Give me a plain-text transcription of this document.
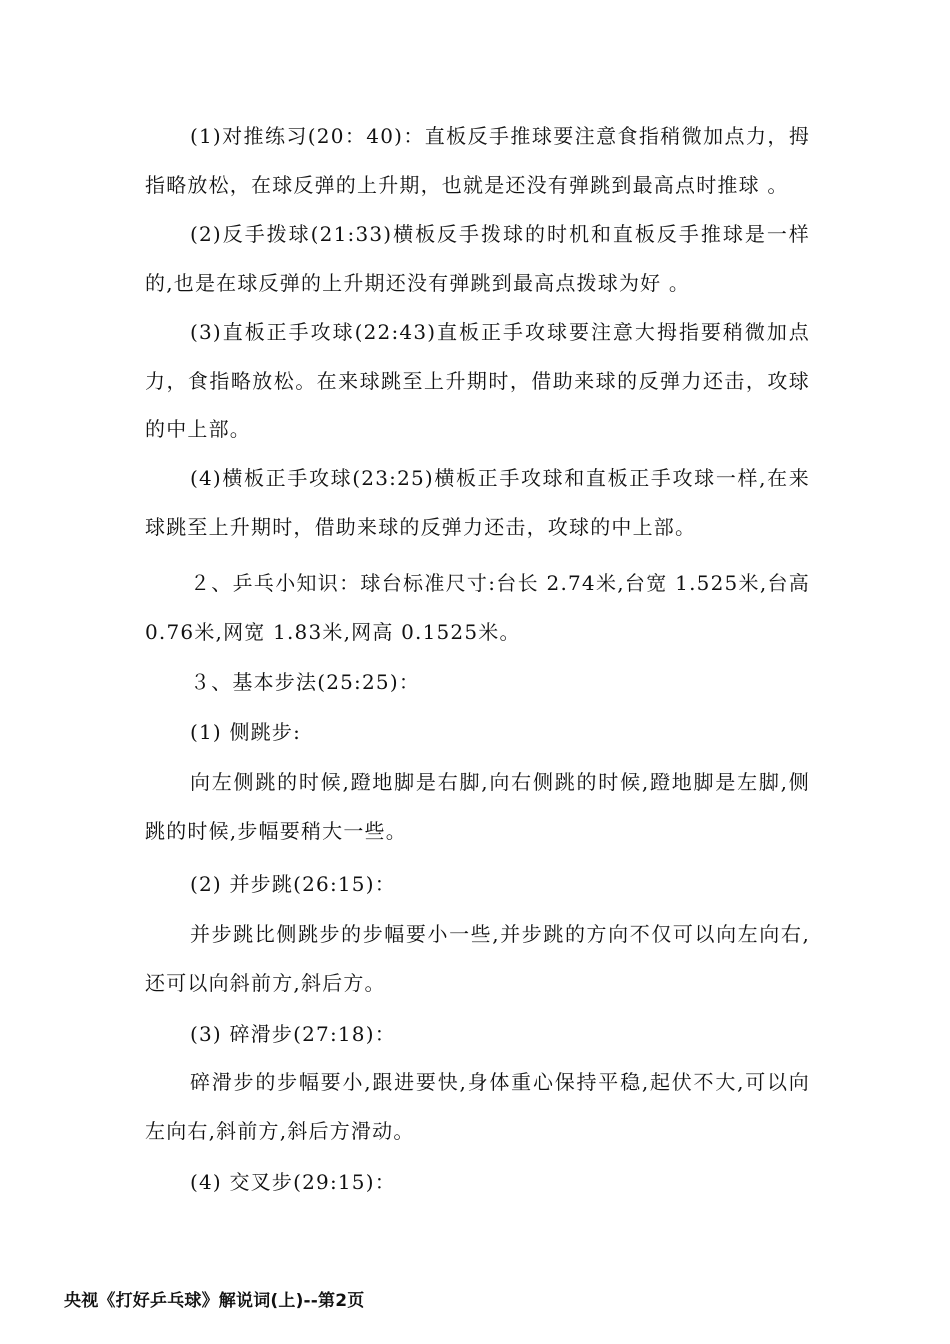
(1)对推练习(20：40)：直板反手推球要注意食指稍微加点力，拇指略放松，在球反弹的上升期，也就是还没有弹跳到最高点时推球 。

(2)反手拨球(21:33)横板反手拨球的时机和直板反手推球是一样的,也是在球反弹的上升期还没有弹跳到最高点拨球为好 。

(3)直板正手攻球(22:43)直板正手攻球要注意大拇指要稍微加点力，食指略放松。在来球跳至上升期时，借助来球的反弹力还击，攻球的中上部。

(4)横板正手攻球(23:25)横板正手攻球和直板正手攻球一样,在来球跳至上升期时，借助来球的反弹力还击，攻球的中上部。

２、乒乓小知识：球台标准尺寸:台长 2.74米,台宽 1.525米,台高 0.76米,网宽 1.83米,网高 0.1525米。

３、基本步法(25:25)：

(1) 侧跳步:

向左侧跳的时候,蹬地脚是右脚,向右侧跳的时候,蹬地脚是左脚,侧跳的时候,步幅要稍大一些。

(2) 并步跳(26:15)：

并步跳比侧跳步的步幅要小一些,并步跳的方向不仅可以向左向右,还可以向斜前方,斜后方。

(3) 碎滑步(27:18)：

碎滑步的步幅要小,跟进要快,身体重心保持平稳,起伏不大,可以向左向右,斜前方,斜后方滑动。

(4) 交叉步(29:15)：

央视《打好乒乓球》解说词(上)--第2页
